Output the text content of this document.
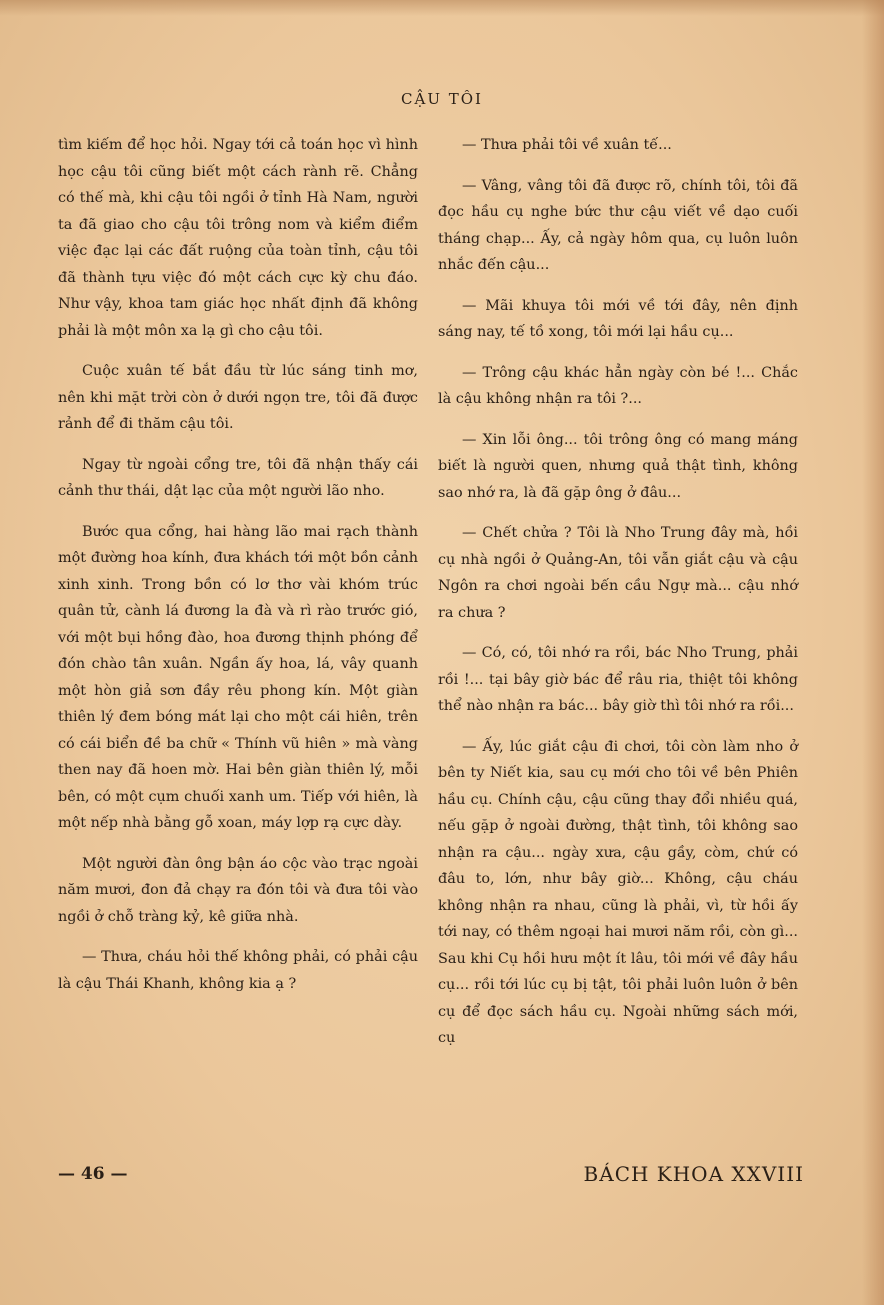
CẬU TÔI

tìm kiếm để học hỏi. Ngay tới cả toán học vì hình học cậu tôi cũng biết một cách rành rẽ. Chẳng có thế mà, khi cậu tôi ngồi ở tỉnh Hà Nam, người ta đã giao cho cậu tôi trông nom và kiểm điểm việc đạc lại các đất ruộng của toàn tỉnh, cậu tôi đã thành tựu việc đó một cách cực kỳ chu đáo. Như vậy, khoa tam giác học nhất định đã không phải là một môn xa lạ gì cho cậu tôi.

Cuộc xuân tế bắt đầu từ lúc sáng tinh mơ, nên khi mặt trời còn ở dưới ngọn tre, tôi đã được rảnh để đi thăm cậu tôi.

Ngay từ ngoài cổng tre, tôi đã nhận thấy cái cảnh thư thái, dật lạc của một người lão nho.

Bước qua cổng, hai hàng lão mai rạch thành một đường hoa kính, đưa khách tới một bồn cảnh xinh xinh. Trong bồn có lơ thơ vài khóm trúc quân tử, cành lá đương la đà và rì rào trước gió, với một bụi hồng đào, hoa đương thịnh phóng để đón chào tân xuân. Ngần ấy hoa, lá, vây quanh một hòn giả sơn đầy rêu phong kín. Một giàn thiên lý đem bóng mát lại cho một cái hiên, trên có cái biển đề ba chữ « Thính vũ hiên » mà vàng then nay đã hoen mờ. Hai bên giàn thiên lý, mỗi bên, có một cụm chuối xanh um. Tiếp với hiên, là một nếp nhà bằng gỗ xoan, máy lợp rạ cực dày.

Một người đàn ông bận áo cộc vào trạc ngoài năm mươi, đon đả chạy ra đón tôi và đưa tôi vào ngồi ở chỗ tràng kỷ, kê giữa nhà.

— Thưa, cháu hỏi thế không phải, có phải cậu là cậu Thái Khanh, không kia ạ ?

— Thưa phải tôi về xuân tế...

— Vâng, vâng tôi đã được rõ, chính tôi, tôi đã đọc hầu cụ nghe bức thư cậu viết về dạo cuối tháng chạp... Ấy, cả ngày hôm qua, cụ luôn luôn nhắc đến cậu...

— Mãi khuya tôi mới về tới đây, nên định sáng nay, tế tồ xong, tôi mới lại hầu cụ...

— Trông cậu khác hẳn ngày còn bé !... Chắc là cậu không nhận ra tôi ?...

— Xin lỗi ông... tôi trông ông có mang máng biết là người quen, nhưng quả thật tình, không sao nhớ ra, là đã gặp ông ở đâu...

— Chết chửa ? Tôi là Nho Trung đây mà, hồi cụ nhà ngồi ở Quảng-An, tôi vẫn giắt cậu và cậu Ngôn ra chơi ngoài bến cầu Ngự mà... cậu nhớ ra chưa ?

— Có, có, tôi nhớ ra rồi, bác Nho Trung, phải rồi !... tại bây giờ bác để râu ria, thiệt tôi không thể nào nhận ra bác... bây giờ thì tôi nhớ ra rồi...

— Ấy, lúc giắt cậu đi chơi, tôi còn làm nho ở bên ty Niết kia, sau cụ mới cho tôi về bên Phiên hầu cụ. Chính cậu, cậu cũng thay đổi nhiều quá, nếu gặp ở ngoài đường, thật tình, tôi không sao nhận ra cậu... ngày xưa, cậu gầy, còm, chứ có đâu to, lớn, như bây giờ... Không, cậu cháu không nhận ra nhau, cũng là phải, vì, từ hồi ấy tới nay, có thêm ngoại hai mươi năm rồi, còn gì... Sau khi Cụ hồi hưu một ít lâu, tôi mới về đây hầu cụ... rồi tới lúc cụ bị tật, tôi phải luôn luôn ở bên cụ để đọc sách hầu cụ. Ngoài những sách mới, cụ

— 46 —	BÁCH KHOA XXVIII
